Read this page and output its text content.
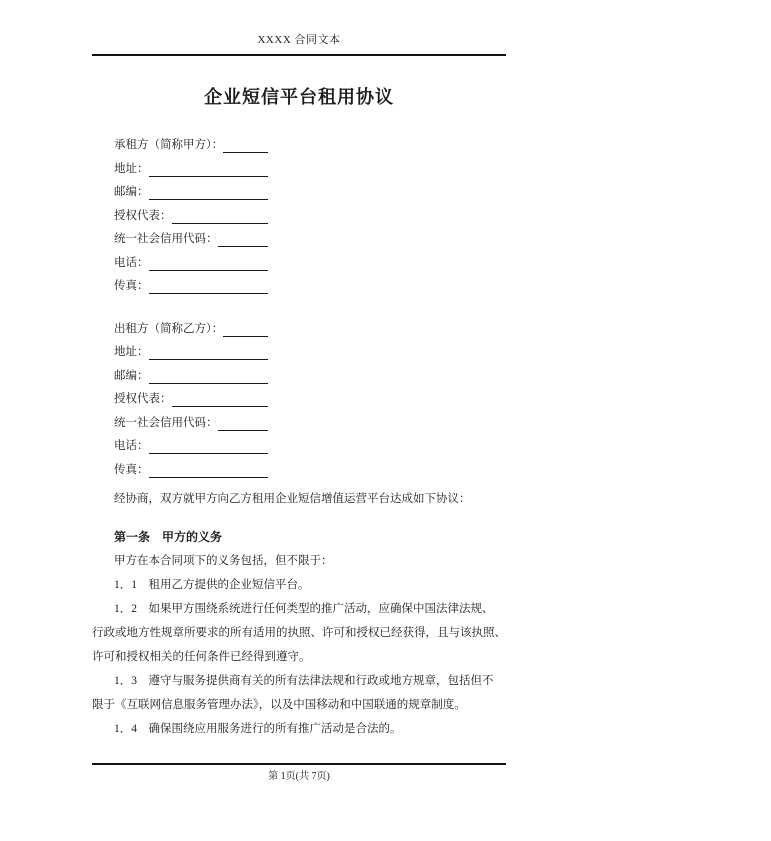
XXXX 合同文本
企业短信平台租用协议
承租方（简称甲方）：
地址：
邮编：
授权代表：
统一社会信用代码：
电话：
传真：
出租方（简称乙方）：
地址：
邮编：
授权代表：
统一社会信用代码：
电话：
传真：

经协商，双方就甲方向乙方租用企业短信增值运营平台达成如下协议：

第一条　甲方的义务

甲方在本合同项下的义务包括，但不限于：

1．1　租用乙方提供的企业短信平台。

1．2　如果甲方围绕系统进行任何类型的推广活动，应确保中国法律法规、

行政或地方性规章所要求的所有适用的执照、许可和授权已经获得，且与该执照、

许可和授权相关的任何条件已经得到遵守。

1．3　遵守与服务提供商有关的所有法律法规和行政或地方规章，包括但不

限于《互联网信息服务管理办法》，以及中国移动和中国联通的规章制度。

1．4　确保围绕应用服务进行的所有推广活动是合法的。

第 1页(共 7页)
